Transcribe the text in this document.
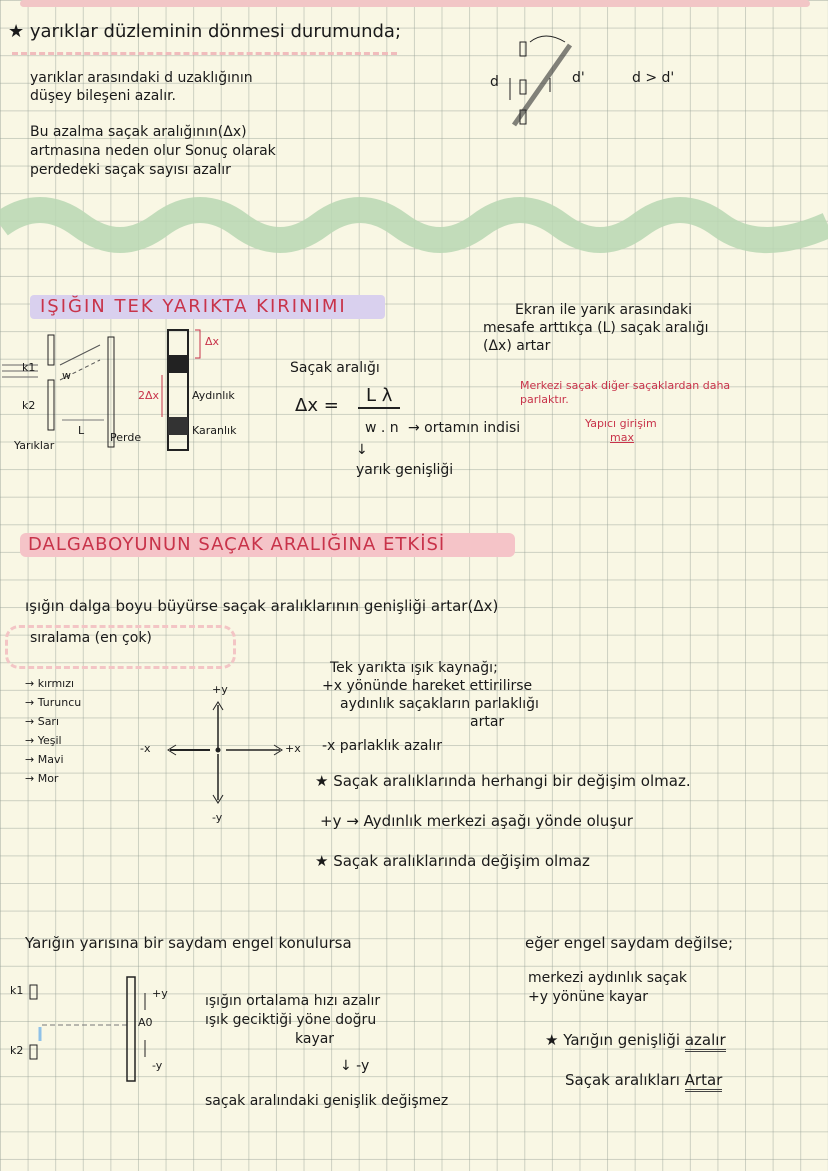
★ yarıklar düzleminin dönmesi durumunda;
yarıklar arasındaki d uzaklığının
düşey bileşeni azalır.
Bu azalma saçak aralığının(Δx)
artmasına neden olur Sonuç olarak
perdedeki saçak sayısı azalır
d	d'	d > d'
IŞIĞIN TEK YARIKTA KIRINIMI	Ekran ile yarık arasındaki
mesafe arttıkça (L) saçak aralığı
(Δx) artar
k1
w
k2
L
Yarıklar
Perde
Δx
2Δx	Aydınlık
Karanlık
Saçak aralığı
Δx =	L λ
w . n → ortamın indisi
↓
yarık genişliği
Merkezi saçak diğer saçaklardan daha
parlaktır.
Yapıcı girişim
max
DALGABOYUNUN SAÇAK ARALIĞINA ETKİSİ
ışığın dalga boyu büyürse saçak aralıklarının genişliği artar(Δx)
sıralama (en çok)
→ kırmızı
→ Turuncu
→ Sarı
→ Yeşil
→ Mavi
→ Mor
+y
-y
-x	+x
Tek yarıkta ışık kaynağı;
+x yönünde hareket ettirilirse
aydınlık saçakların parlaklığı
artar
-x parlaklık azalır
★ Saçak aralıklarında herhangi bir değişim olmaz.
+y → Aydınlık merkezi aşağı yönde oluşur
★ Saçak aralıklarında değişim olmaz
Yarığın yarısına bir saydam engel konulursa	eğer engel saydam değilse;
k1
k2
+y
A0
-y
ışığın ortalama hızı azalır
ışık geciktiği yöne doğru
kayar
↓ -y
saçak aralındaki genişlik değişmez
merkezi aydınlık saçak
+y yönüne kayar
★ Yarığın genişliği azalır
Saçak aralıkları Artar
